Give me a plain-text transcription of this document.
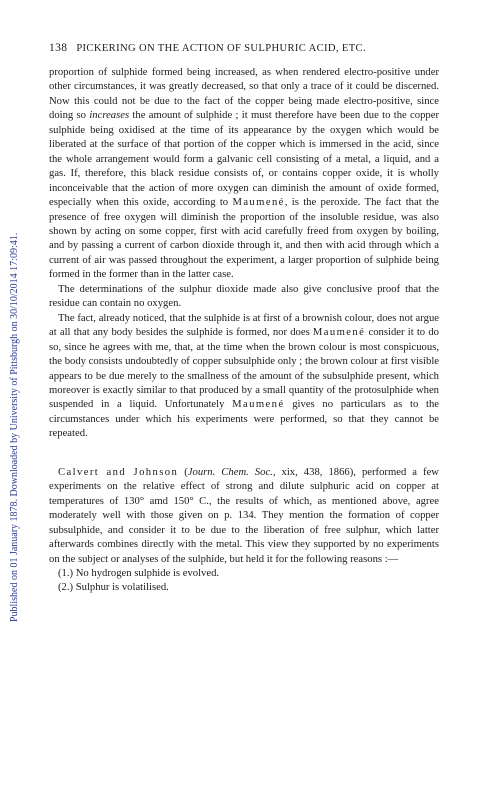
138 PICKERING ON THE ACTION OF SULPHURIC ACID, ETC.
Published on 01 January 1878. Downloaded by University of Pittsburgh on 30/10/2014 17:09:41.

proportion of sulphide formed being increased, as when rendered electro-positive under other circumstances, it was greatly decreased, so that only a trace of it could be discerned. Now this could not be due to the fact of the copper being made electro-positive, since doing so increases the amount of sulphide ; it must therefore have been due to the copper sulphide being oxidised at the time of its appearance by the oxygen which would be liberated at the surface of that portion of the copper which is immersed in the acid, since the whole arrangement would form a galvanic cell consisting of a metal, a liquid, and a gas. If, therefore, this black residue consists of, or contains copper oxide, it is wholly inconceivable that the action of more oxygen can diminish the amount of oxide formed, especially when this oxide, according to Maumené, is the peroxide. The fact that the presence of free oxygen will diminish the proportion of the insoluble residue, was also shown by acting on some copper, first with acid carefully freed from oxygen by boiling, and by passing a current of carbon dioxide through it, and then with acid through which a current of air was passed throughout the experiment, a larger proportion of sulphide being formed in the former than in the latter case.

The determinations of the sulphur dioxide made also give conclusive proof that the residue can contain no oxygen.

The fact, already noticed, that the sulphide is at first of a brownish colour, does not argue at all that any body besides the sulphide is formed, nor does Maumené consider it to do so, since he agrees with me, that, at the time when the brown colour is most conspicuous, the body consists undoubtedly of copper subsulphide only ; the brown colour at first visible appears to be due merely to the smallness of the amount of the subsulphide present, which moreover is exactly similar to that produced by a small quantity of the protosulphide when suspended in a liquid. Unfortunately Maumené gives no particulars as to the circumstances under which his experiments were performed, so that they cannot be repeated.

Calvert and Johnson (Journ. Chem. Soc., xix, 438, 1866), performed a few experiments on the relative effect of strong and dilute sulphuric acid on copper at temperatures of 130° amd 150° C., the results of which, as mentioned above, agree moderately well with those given on p. 134. They mention the formation of copper subsulphide, and consider it to be due to the liberation of free sulphur, which latter afterwards combines directly with the metal. This view they supported by no experiments on the subject or analyses of the sulphide, but held it for the following reasons :—

(1.) No hydrogen sulphide is evolved.
(2.) Sulphur is volatilised.
